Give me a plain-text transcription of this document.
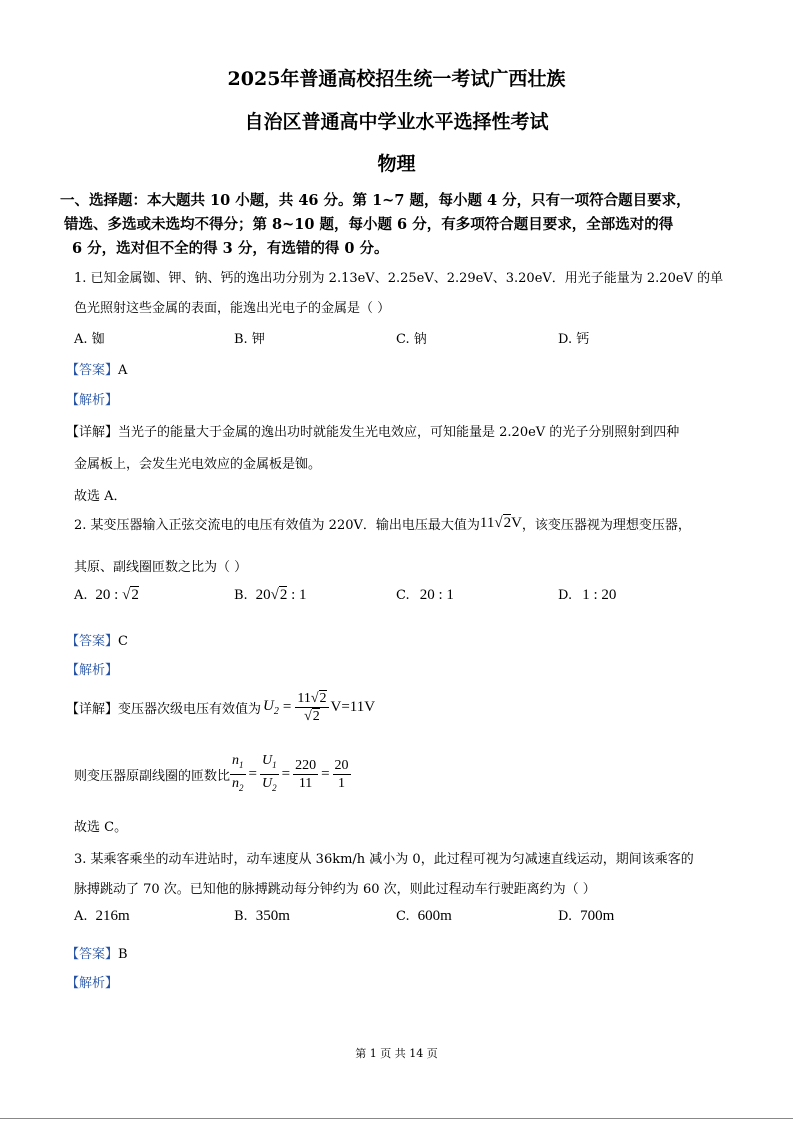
2025年普通高校招生统一考试广西壮族
自治区普通高中学业水平选择性考试
物理
一、选择题：本大题共 10 小题，共 46 分。第 1~7 题，每小题 4 分，只有一项符合题目要求，
错选、多选或未选均不得分；第 8~10 题，每小题 6 分，有多项符合题目要求，全部选对的得
6 分，选对但不全的得 3 分，有选错的得 0 分。
1. 已知金属铷、钾、钠、钙的逸出功分别为 2.13eV、2.25eV、2.29eV、3.20eV．用光子能量为 2.20eV 的单
色光照射这些金属的表面，能逸出光电子的金属是（ ）
A. 铷	B. 钾	C. 钠	D. 钙
【答案】A
【解析】
【详解】当光子的能量大于金属的逸出功时就能发生光电效应，可知能量是 2.20eV 的光子分别照射到四种
金属板上，会发生光电效应的金属板是铷。
故选 A．
2. 某变压器输入正弦交流电的电压有效值为 220V．输出电压最大值为 11√2V ，该变压器视为理想变压器，
其原、副线圈匝数之比为（ ）
A. 20 : √2	B. 20√2 : 1	C. 20 : 1	D. 1 : 20
【答案】C
【解析】
【详解】 变压器次级电压有效值为 $U_2 = \frac{11√2}{√2} V=11V$
则变压器原副线圈的匝数比 $\frac{n_1}{n_2} = \frac{U_1}{U_2} = \frac{220}{11} = \frac{20}{1}$
故选 C。
3. 某乘客乘坐的动车进站时，动车速度从 36km/h 减小为 0，此过程可视为匀减速直线运动，期间该乘客的
脉搏跳动了 70 次。已知他的脉搏跳动每分钟约为 60 次，则此过程动车行驶距离约为（ ）
A. 216m	B. 350m	C. 600m	D. 700m
【答案】B
【解析】
第 1 页 共 14 页
